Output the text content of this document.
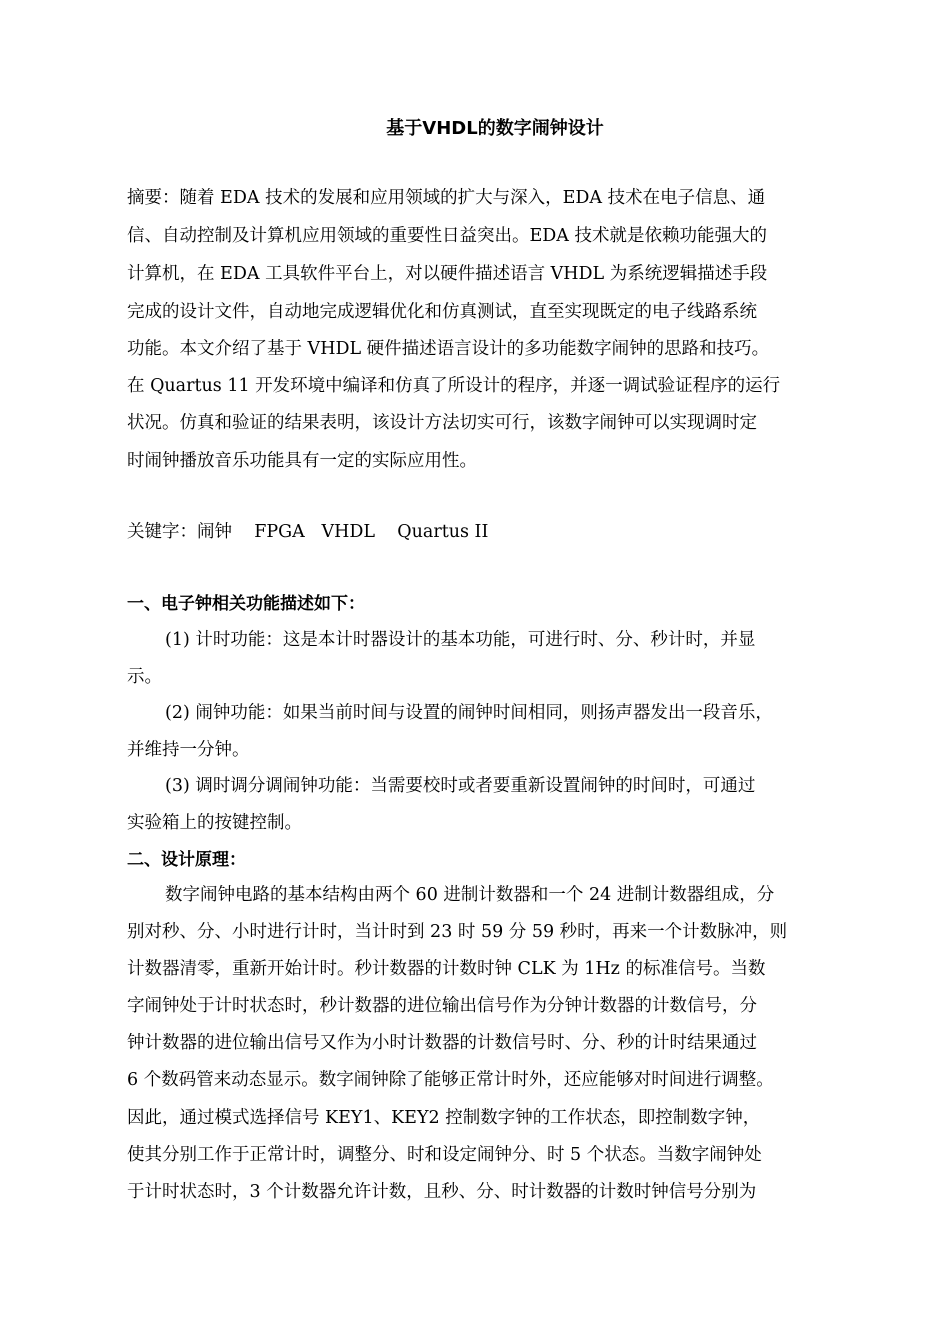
基于VHDL的数字闹钟设计
摘要：随着 EDA 技术的发展和应用领域的扩大与深入，EDA 技术在电子信息、通
信、自动控制及计算机应用领域的重要性日益突出。EDA 技术就是依赖功能强大的
计算机，在 EDA 工具软件平台上，对以硬件描述语言 VHDL 为系统逻辑描述手段
完成的设计文件，自动地完成逻辑优化和仿真测试，直至实现既定的电子线路系统
功能。本文介绍了基于 VHDL 硬件描述语言设计的多功能数字闹钟的思路和技巧。
在 Quartus 11 开发环境中编译和仿真了所设计的程序，并逐一调试验证程序的运行
状况。仿真和验证的结果表明，该设计方法切实可行，该数字闹钟可以实现调时定
时闹钟播放音乐功能具有一定的实际应用性。
关键字：闹钟    FPGA   VHDL    Quartus II
一、电子钟相关功能描述如下：
(1) 计时功能：这是本计时器设计的基本功能，可进行时、分、秒计时，并显
示。
(2) 闹钟功能：如果当前时间与设置的闹钟时间相同，则扬声器发出一段音乐，
并维持一分钟。
(3) 调时调分调闹钟功能：当需要校时或者要重新设置闹钟的时间时，可通过
实验箱上的按键控制。
二、设计原理：
数字闹钟电路的基本结构由两个 60 进制计数器和一个 24 进制计数器组成，分
别对秒、分、小时进行计时，当计时到 23 时 59 分 59 秒时，再来一个计数脉冲，则
计数器清零，重新开始计时。秒计数器的计数时钟 CLK 为 1Hz 的标准信号。当数
字闹钟处于计时状态时，秒计数器的进位输出信号作为分钟计数器的计数信号，分
钟计数器的进位输出信号又作为小时计数器的计数信号时、分、秒的计时结果通过
6 个数码管来动态显示。数字闹钟除了能够正常计时外，还应能够对时间进行调整。
因此，通过模式选择信号 KEY1、KEY2 控制数字钟的工作状态，即控制数字钟，
使其分别工作于正常计时，调整分、时和设定闹钟分、时 5 个状态。当数字闹钟处
于计时状态时，3 个计数器允许计数，且秒、分、时计数器的计数时钟信号分别为
